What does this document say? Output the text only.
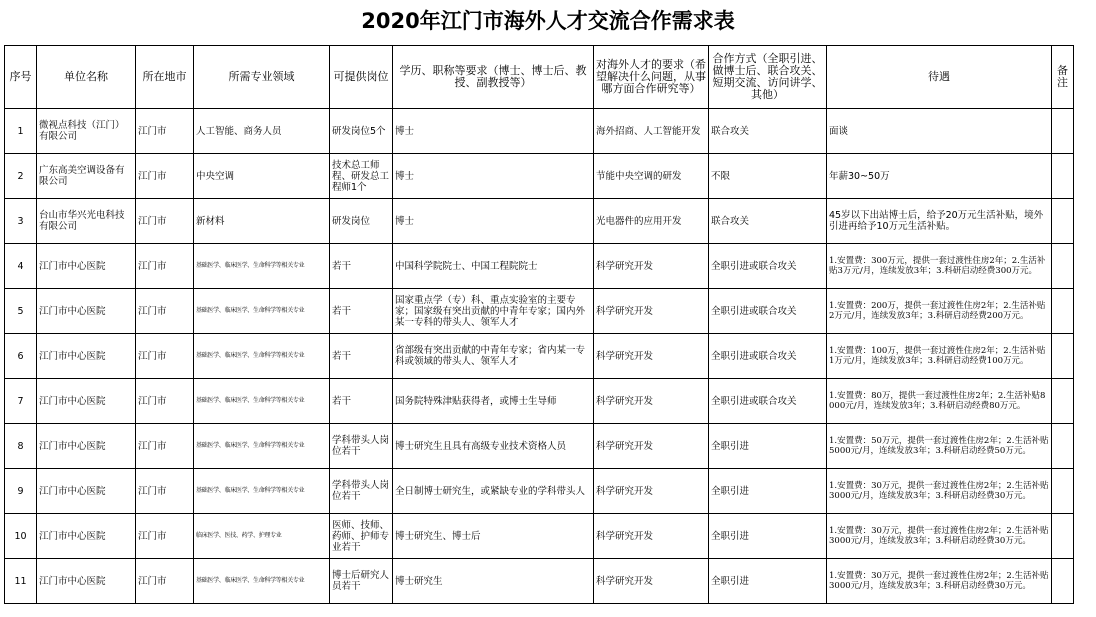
2020年江门市海外人才交流合作需求表
序号	单位名称	所在地市	所需专业领域	可提供岗位	学历、职称等要求（博士、博士后、教授、副教授等）	对海外人才的要求（希望解决什么问题，从事哪方面合作研究等）	合作方式（全职引进、做博士后、联合攻关、短期交流、访问讲学、其他）	待遇	备注
1	微视点科技（江门）有限公司	江门市	人工智能、商务人员	研发岗位5个	博士	海外招商、人工智能开发	联合攻关	面谈	
2	广东高美空调设备有限公司	江门市	中央空调	技术总工师程、研发总工程师1个	博士	节能中央空调的研发	不限	年薪30~50万	
3	台山市华兴光电科技有限公司	江门市	新材料	研发岗位	博士	光电器件的应用开发	联合攻关	45岁以下出站博士后，给予20万元生活补贴，境外引进再给予10万元生活补贴。	
4	江门市中心医院	江门市	基础医学、临床医学、生命科学等相关专业	若干	中国科学院院士、中国工程院院士	科学研究开发	全职引进或联合攻关	1.安置费：300万元，提供一套过渡性住房2年；2.生活补贴3万元/月，连续发放3年；3.科研启动经费300万元。	
5	江门市中心医院	江门市	基础医学、临床医学、生命科学等相关专业	若干	国家重点学（专）科、重点实验室的主要专家；国家级有突出贡献的中青年专家；国内外某一专科的带头人、领军人才	科学研究开发	全职引进或联合攻关	1.安置费：200万，提供一套过渡性住房2年；2.生活补贴2万元/月，连续发放3年；3.科研启动经费200万元。	
6	江门市中心医院	江门市	基础医学、临床医学、生命科学等相关专业	若干	省部级有突出贡献的中青年专家；省内某一专科或领域的带头人、领军人才	科学研究开发	全职引进或联合攻关	1.安置费：100万，提供一套过渡性住房2年；2.生活补贴1万元/月，连续发放3年；3.科研启动经费100万元。	
7	江门市中心医院	江门市	基础医学、临床医学、生命科学等相关专业	若干	国务院特殊津贴获得者，或博士生导师	科学研究开发	全职引进或联合攻关	1.安置费：80万，提供一套过渡性住房2年；2.生活补贴8000元/月，连续发放3年；3.科研启动经费80万元。	
8	江门市中心医院	江门市	基础医学、临床医学、生命科学等相关专业	学科带头人岗位若干	博士研究生且具有高级专业技术资格人员	科学研究开发	全职引进	1.安置费：50万元，提供一套过渡性住房2年；2.生活补贴5000元/月，连续发放3年；3.科研启动经费50万元。	
9	江门市中心医院	江门市	基础医学、临床医学、生命科学等相关专业	学科带头人岗位若干	全日制博士研究生，或紧缺专业的学科带头人	科学研究开发	全职引进	1.安置费：30万元，提供一套过渡性住房2年；2.生活补贴3000元/月，连续发放3年；3.科研启动经费30万元。	
10	江门市中心医院	江门市	临床医学、医技、药学、护理专业	医师、技师、药师、护师专业若干	博士研究生、博士后	科学研究开发	全职引进	1.安置费：30万元，提供一套过渡性住房2年；2.生活补贴3000元/月，连续发放3年；3.科研启动经费30万元。	
11	江门市中心医院	江门市	基础医学、临床医学、生命科学等相关专业	博士后研究人员若干	博士研究生	科学研究开发	全职引进	1.安置费：30万元，提供一套过渡性住房2年；2.生活补贴3000元/月，连续发放3年；3.科研启动经费30万元。	
